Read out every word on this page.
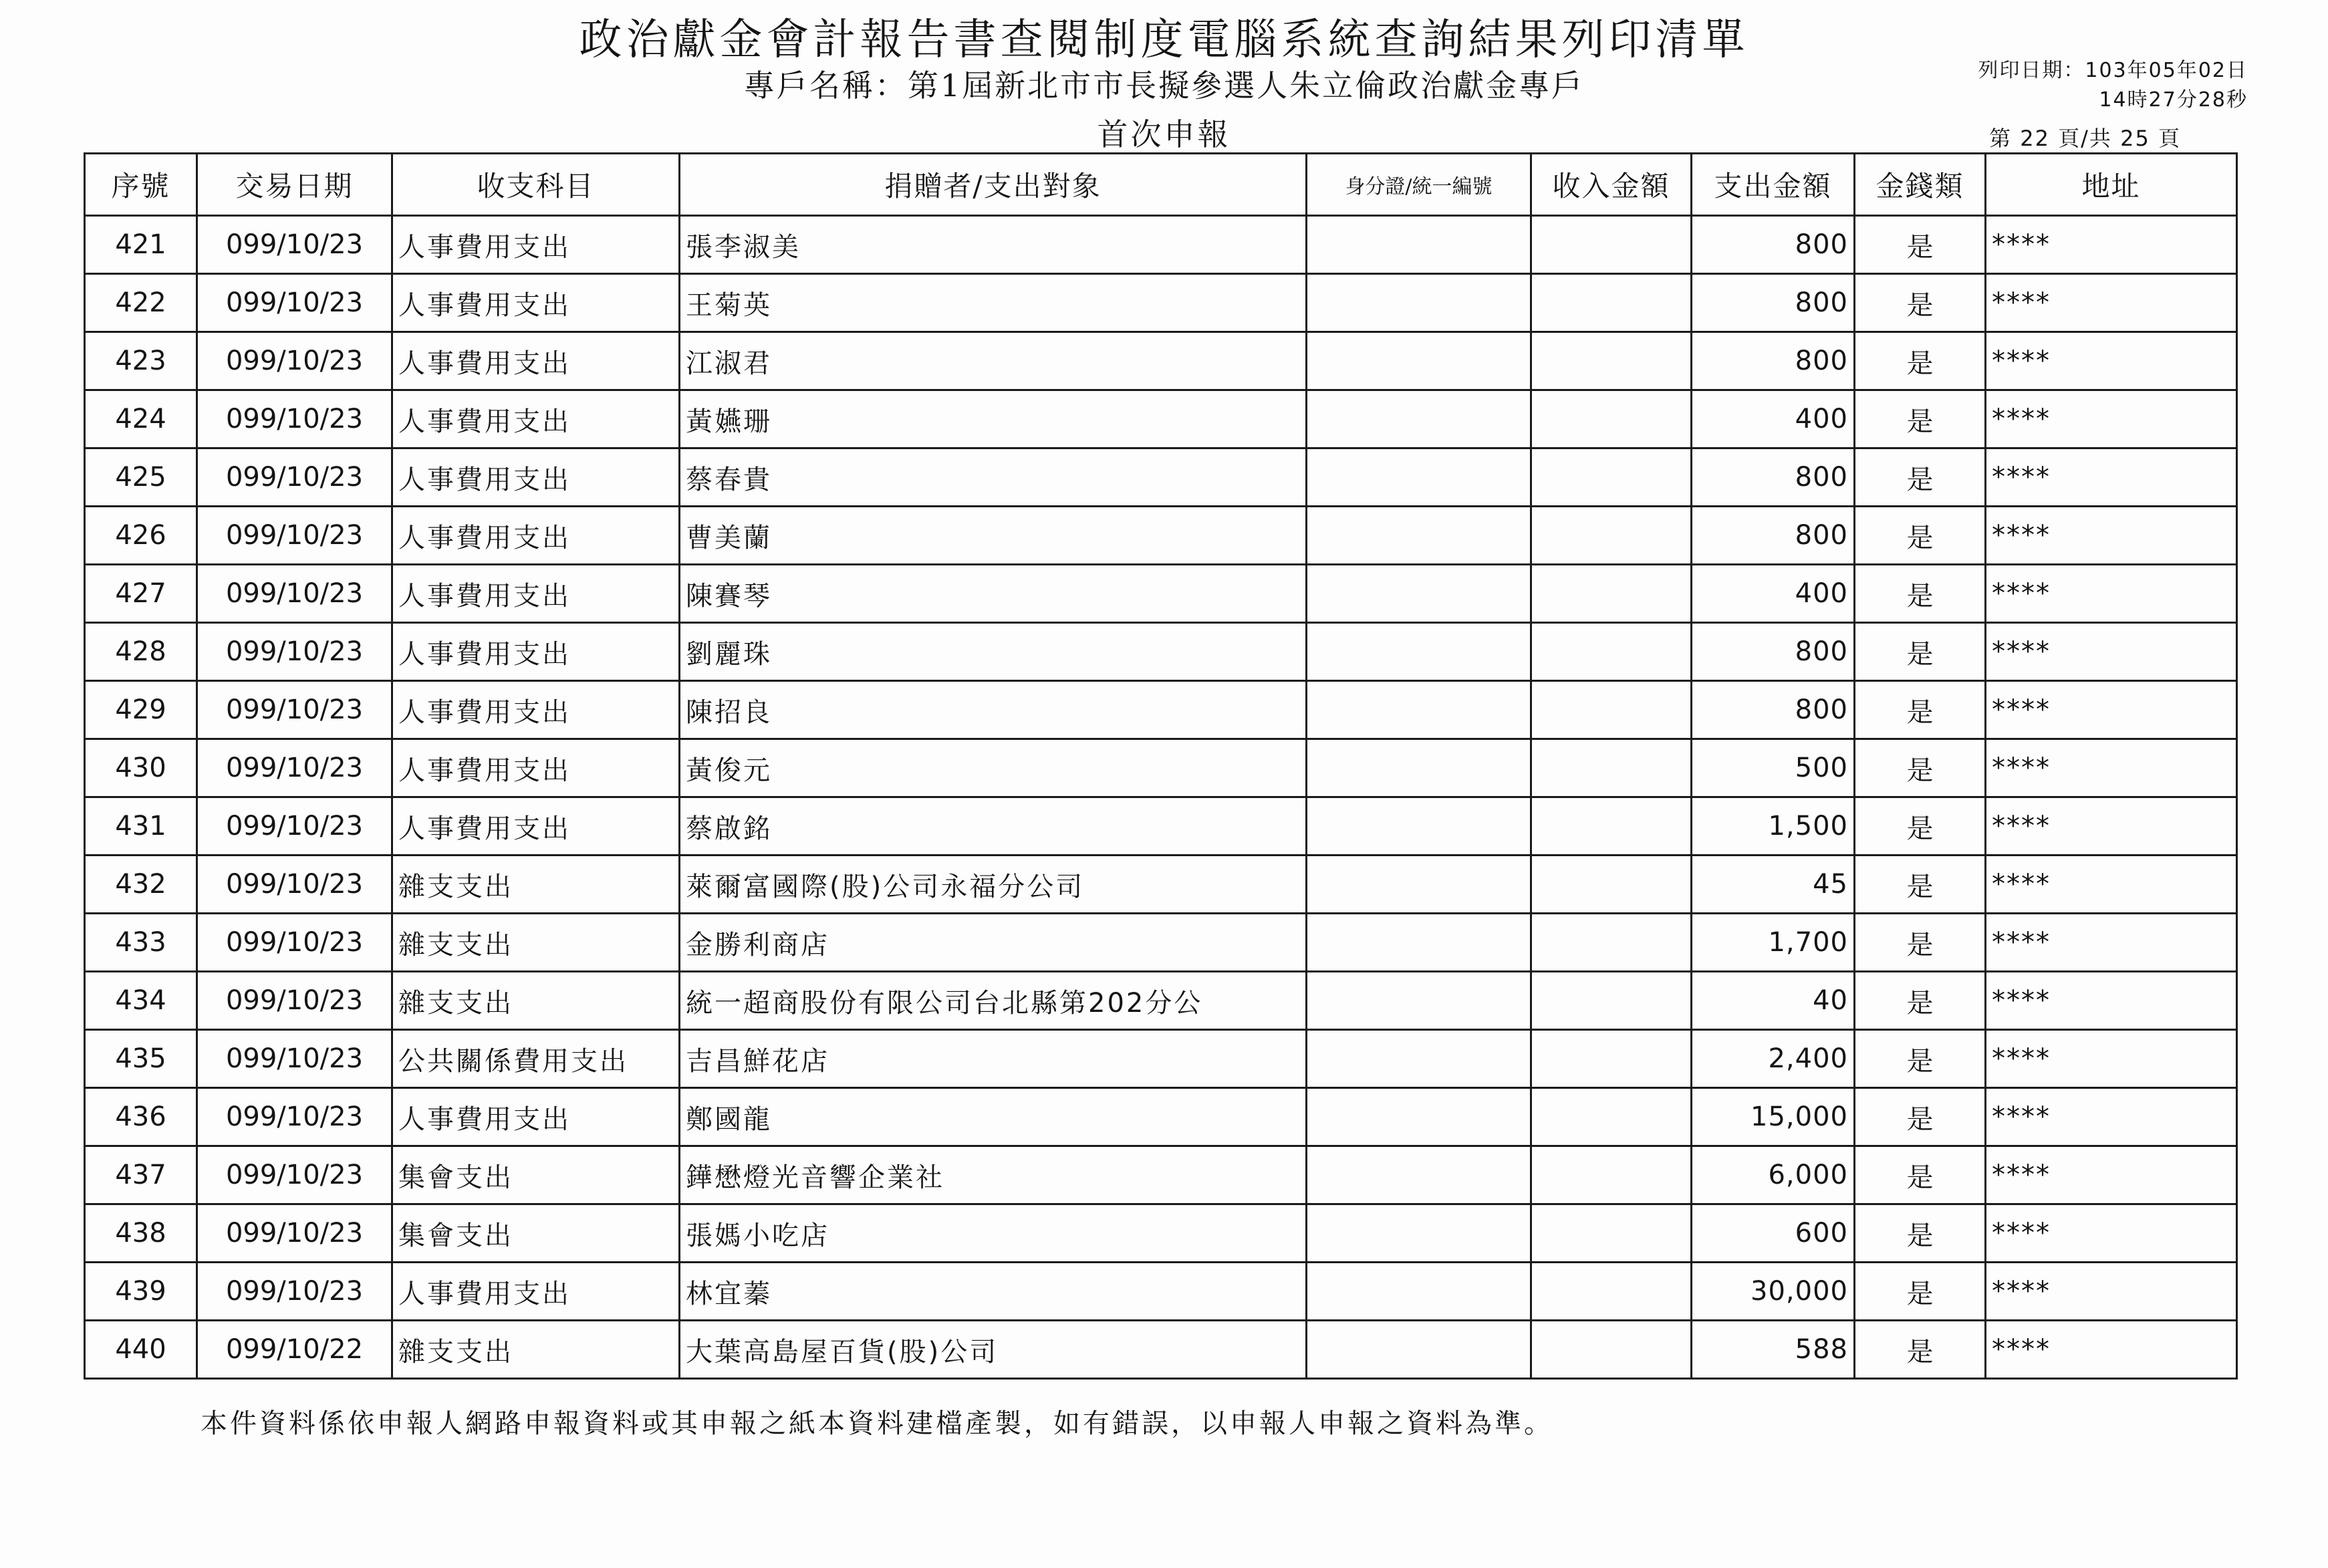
政治獻金會計報告書查閱制度電腦系統查詢結果列印清單
專戶名稱：第1屆新北市市長擬參選人朱立倫政治獻金專戶
首次申報
列印日期：103年05年02日
14時27分28秒
第 22 頁/共 25 頁
序號	交易日期	收支科目	捐贈者/支出對象	身分證/統一編號	收入金額	支出金額	金錢類	地址
421	099/10/23	人事費用支出	張李淑美			800	是	****
422	099/10/23	人事費用支出	王菊英			800	是	****
423	099/10/23	人事費用支出	江淑君			800	是	****
424	099/10/23	人事費用支出	黃嬿珊			400	是	****
425	099/10/23	人事費用支出	蔡春貴			800	是	****
426	099/10/23	人事費用支出	曹美蘭			800	是	****
427	099/10/23	人事費用支出	陳賽琴			400	是	****
428	099/10/23	人事費用支出	劉麗珠			800	是	****
429	099/10/23	人事費用支出	陳招良			800	是	****
430	099/10/23	人事費用支出	黃俊元			500	是	****
431	099/10/23	人事費用支出	蔡啟銘			1,500	是	****
432	099/10/23	雜支支出	萊爾富國際(股)公司永福分公司			45	是	****
433	099/10/23	雜支支出	金勝利商店			1,700	是	****
434	099/10/23	雜支支出	統一超商股份有限公司台北縣第202分公			40	是	****
435	099/10/23	公共關係費用支出	吉昌鮮花店			2,400	是	****
436	099/10/23	人事費用支出	鄭國龍			15,000	是	****
437	099/10/23	集會支出	鏵懋燈光音響企業社			6,000	是	****
438	099/10/23	集會支出	張媽小吃店			600	是	****
439	099/10/23	人事費用支出	林宜蓁			30,000	是	****
440	099/10/22	雜支支出	大葉高島屋百貨(股)公司			588	是	****
本件資料係依申報人網路申報資料或其申報之紙本資料建檔產製，如有錯誤，以申報人申報之資料為準。
